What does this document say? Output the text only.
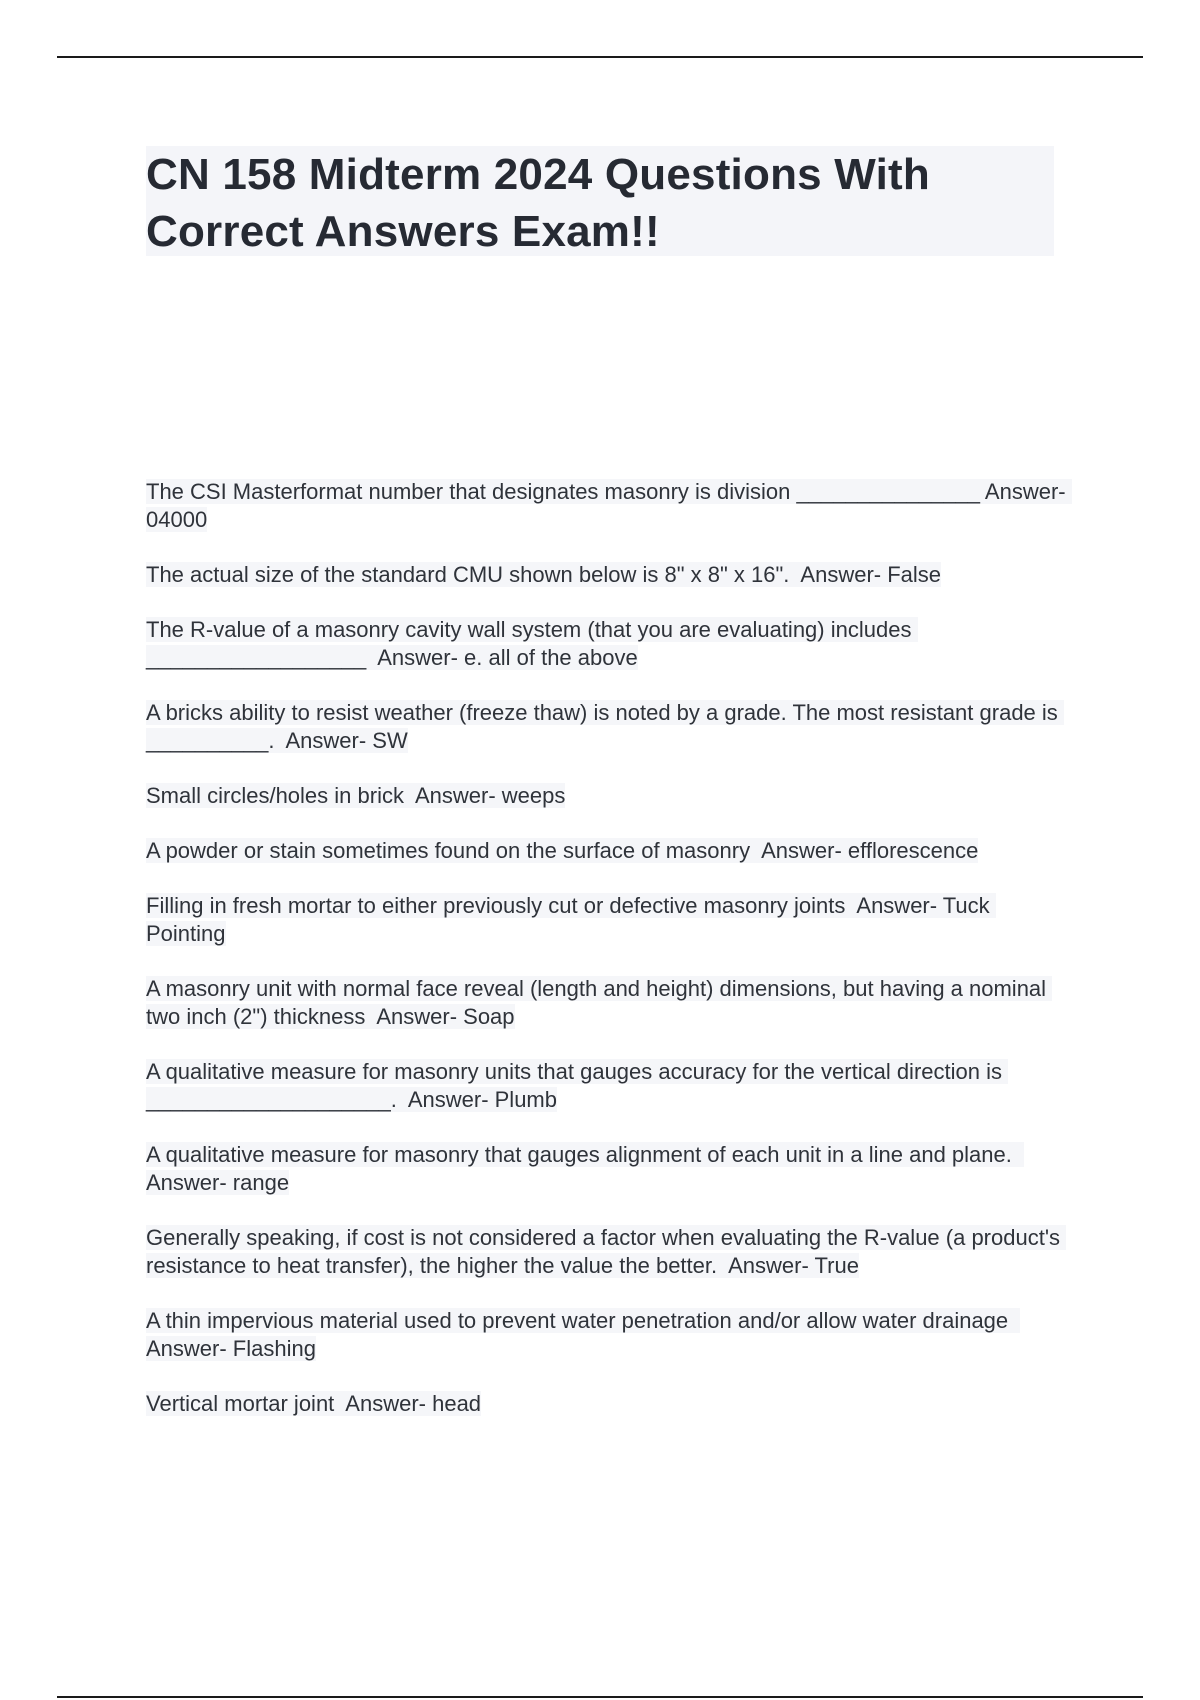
CN 158 Midterm 2024 Questions With Correct Answers Exam!!
The CSI Masterformat number that designates masonry is division _______________ Answer- 04000
The actual size of the standard CMU shown below is 8" x 8" x 16".  Answer- False
The R-value of a masonry cavity wall system (that you are evaluating) includes __________________  Answer- e. all of the above
A bricks ability to resist weather (freeze thaw) is noted by a grade. The most resistant grade is __________.  Answer- SW
Small circles/holes in brick  Answer- weeps
A powder or stain sometimes found on the surface of masonry  Answer- efflorescence
Filling in fresh mortar to either previously cut or defective masonry joints  Answer- Tuck Pointing
A masonry unit with normal face reveal (length and height) dimensions, but having a nominal two inch (2") thickness  Answer- Soap
A qualitative measure for masonry units that gauges accuracy for the vertical direction is ____________________.  Answer- Plumb
A qualitative measure for masonry that gauges alignment of each unit in a line and plane.  Answer- range
Generally speaking, if cost is not considered a factor when evaluating the R-value (a product's resistance to heat transfer), the higher the value the better.  Answer- True
A thin impervious material used to prevent water penetration and/or allow water drainage  Answer- Flashing
Vertical mortar joint  Answer- head
